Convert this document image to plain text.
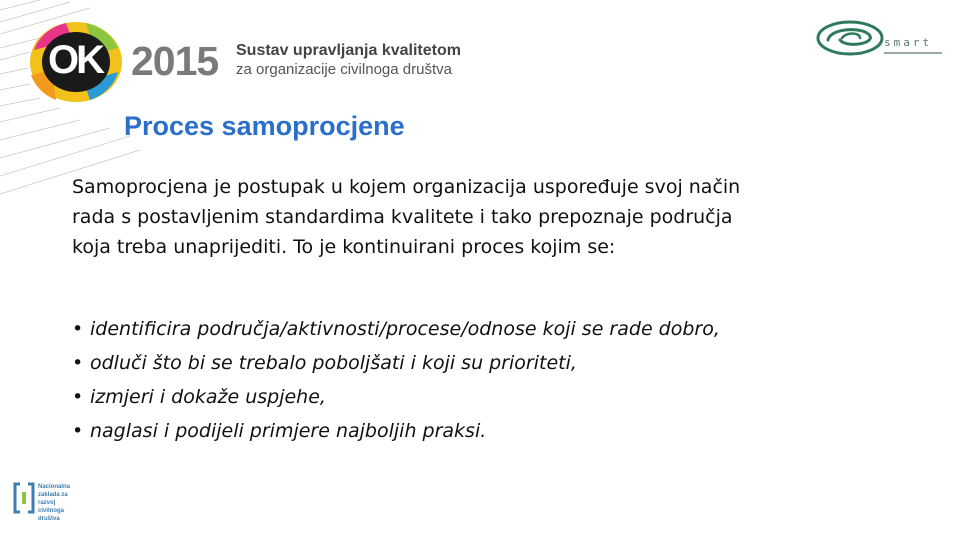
OK 2015 Sustav upravljanja kvalitetom
za organizacije civilnoga društva
smart
Proces samoprocjene
Samoprocjena je postupak u kojem organizacija uspoređuje svoj način
rada s postavljenim standardima kvalitete i tako prepoznaje područja
koja treba unaprijediti. To je kontinuirani proces kojim se:
• identificira područja/aktivnosti/procese/odnose koji se rade dobro,
• odluči što bi se trebalo poboljšati i koji su prioriteti,
• izmjeri i dokaže uspjehe,
• naglasi i podijeli primjere najboljih praksi.
Nacionalna
zaklada za
razvoj
civilnoga
društva
